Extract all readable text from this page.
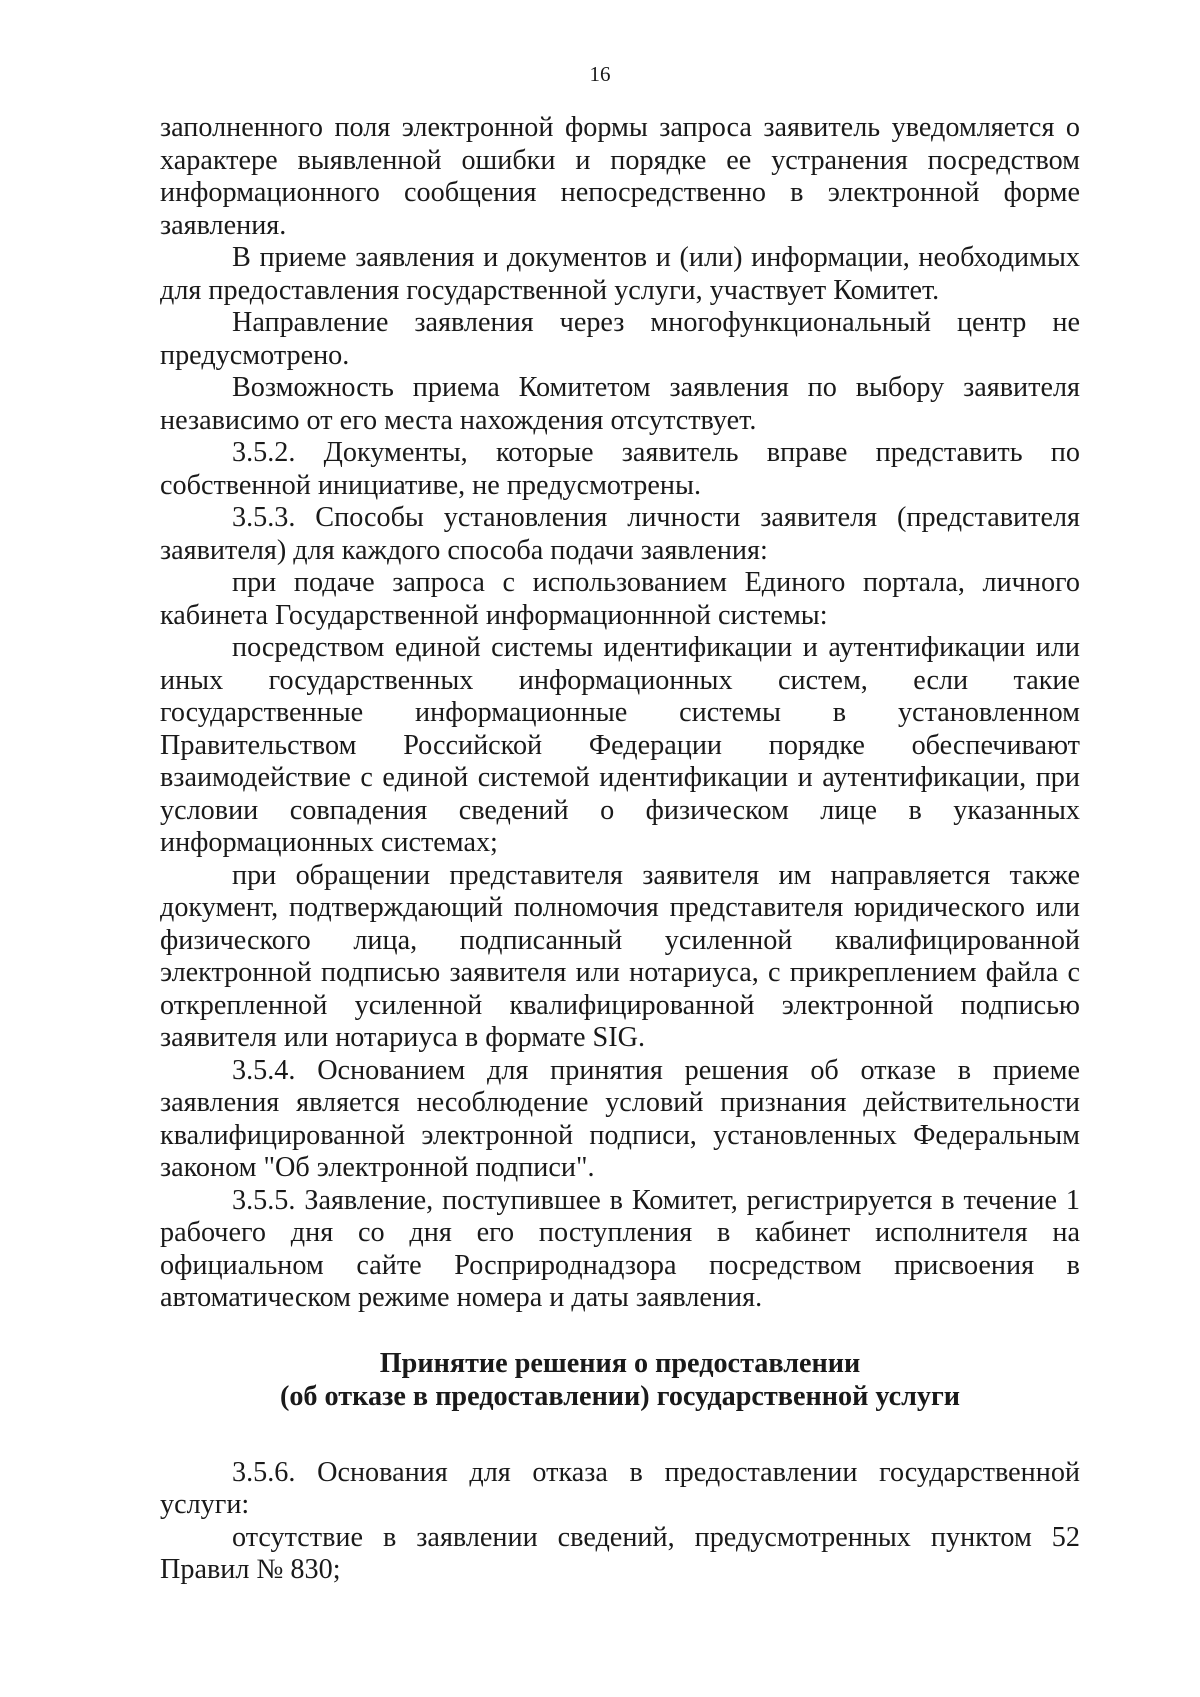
16

заполненного поля электронной формы запроса заявитель уведомляется о характере выявленной ошибки и порядке ее устранения посредством информационного сообщения непосредственно в электронной форме заявления.

В приеме заявления и документов и (или) информации, необходимых для предоставления государственной услуги, участвует Комитет.

Направление заявления через многофункциональный центр не предусмотрено.

Возможность приема Комитетом заявления по выбору заявителя независимо от его места нахождения отсутствует.

3.5.2. Документы, которые заявитель вправе представить по собственной инициативе, не предусмотрены.

3.5.3. Способы установления личности заявителя (представителя заявителя) для каждого способа подачи заявления:

при подаче запроса с использованием Единого портала, личного кабинета Государственной информационнной системы:

посредством единой системы идентификации и аутентификации или иных государственных информационных систем, если такие государственные информационные системы в установленном Правительством Российской Федерации порядке обеспечивают взаимодействие с единой системой идентификации и аутентификации, при условии совпадения сведений о физическом лице в указанных информационных системах;

при обращении представителя заявителя им направляется также документ, подтверждающий полномочия представителя юридического или физического лица, подписанный усиленной квалифицированной электронной подписью заявителя или нотариуса, с прикреплением файла с открепленной усиленной квалифицированной электронной подписью заявителя или нотариуса в формате SIG.

3.5.4. Основанием для принятия решения об отказе в приеме заявления является несоблюдение условий признания действительности квалифицированной электронной подписи, установленных Федеральным законом "Об электронной подписи".

3.5.5. Заявление, поступившее в Комитет, регистрируется в течение 1 рабочего дня со дня его поступления в кабинет исполнителя на официальном сайте Росприроднадзора посредством присвоения в автоматическом режиме номера и даты заявления.

Принятие решения о предоставлении
(об отказе в предоставлении) государственной услуги

3.5.6. Основания для отказа в предоставлении государственной услуги:

отсутствие в заявлении сведений, предусмотренных пунктом 52 Правил № 830;
